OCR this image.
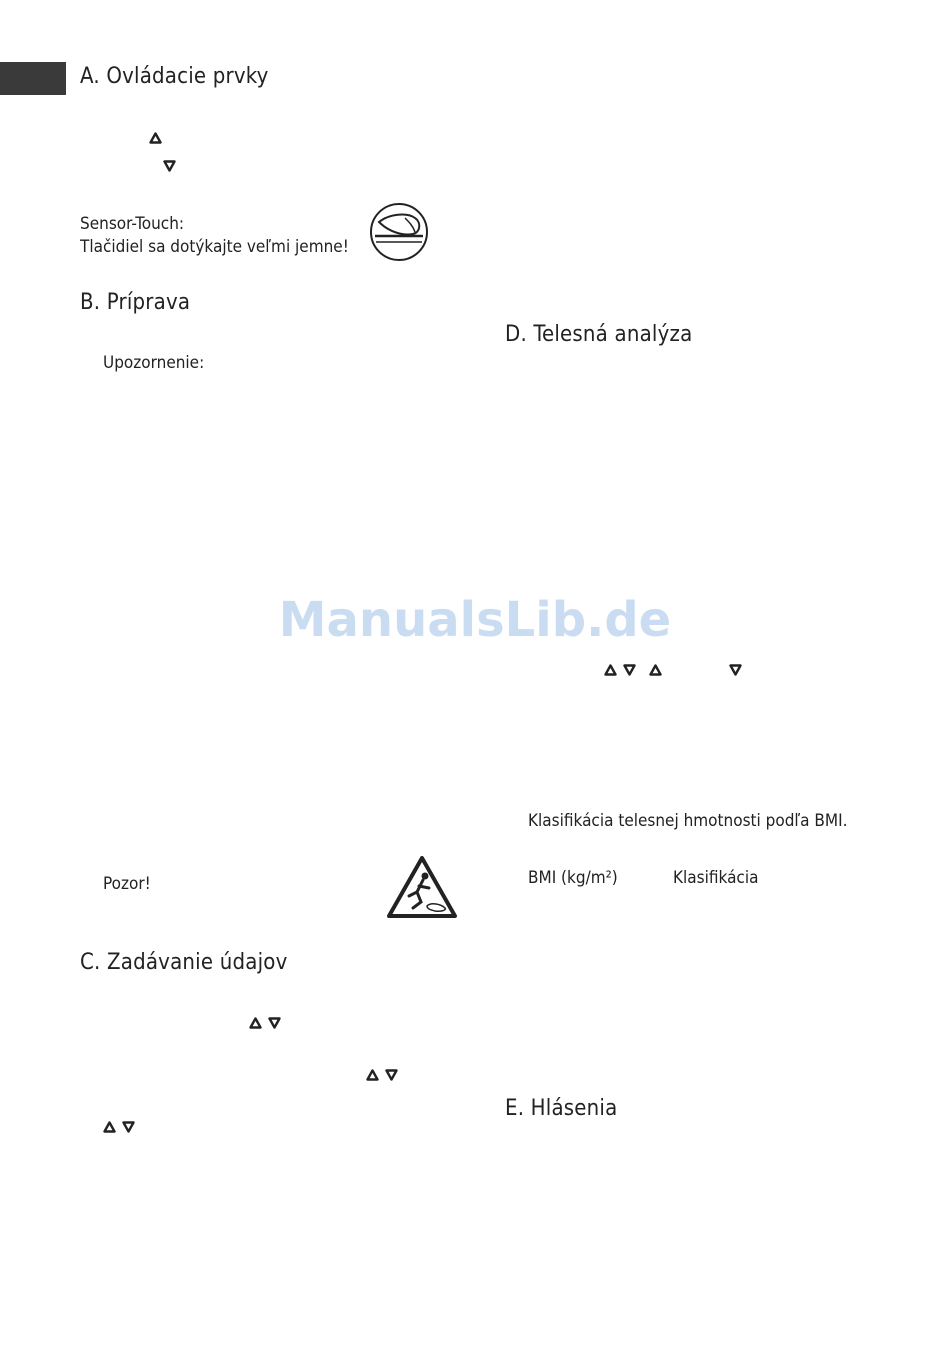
A. Ovládacie prvky
Sensor-Touch:
Tlačidiel sa dotýkajte veľmi jemne!
B. Príprava
Upozornenie:
Pozor!
C. Zadávanie údajov
D. Telesná analýza
Klasifikácia telesnej hmotnosti podľa BMI.
BMI (kg/m²)	Klasifikácia
E. Hlásenia
ManualsLib.de
